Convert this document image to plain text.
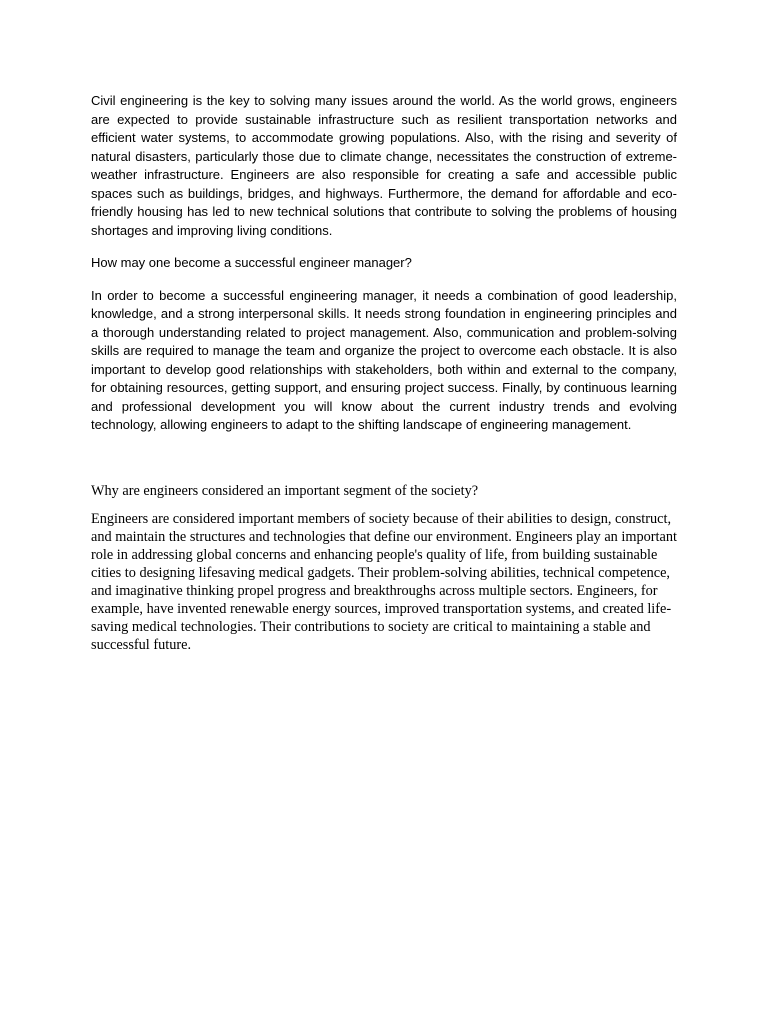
Civil engineering is the key to solving many issues around the world. As the world grows, engineers are expected to provide sustainable infrastructure such as resilient transportation networks and efficient water systems, to accommodate growing populations. Also, with the rising and severity of natural disasters, particularly those due to climate change, necessitates the construction of extreme-weather infrastructure. Engineers are also responsible for creating a safe and accessible public spaces such as buildings, bridges, and highways. Furthermore, the demand for affordable and eco-friendly housing has led to new technical solutions that contribute to solving the problems of housing shortages and improving living conditions.

How may one become a successful engineer manager?

In order to become a successful engineering manager, it needs a combination of good leadership, knowledge, and a strong interpersonal skills. It needs strong foundation in engineering principles and a thorough understanding related to project management. Also, communication and problem-solving skills are required to manage the team and organize the project to overcome each obstacle. It is also important to develop good relationships with stakeholders, both within and external to the company, for obtaining resources, getting support, and ensuring project success. Finally, by continuous learning and professional development you will know about the current industry trends and evolving technology, allowing engineers to adapt to the shifting landscape of engineering management.

Why are engineers considered an important segment of the society?

Engineers are considered important members of society because of their abilities to design, construct, and maintain the structures and technologies that define our environment. Engineers play an important role in addressing global concerns and enhancing people's quality of life, from building sustainable cities to designing lifesaving medical gadgets. Their problem-solving abilities, technical competence, and imaginative thinking propel progress and breakthroughs across multiple sectors. Engineers, for example, have invented renewable energy sources, improved transportation systems, and created life-saving medical technologies. Their contributions to society are critical to maintaining a stable and successful future.
